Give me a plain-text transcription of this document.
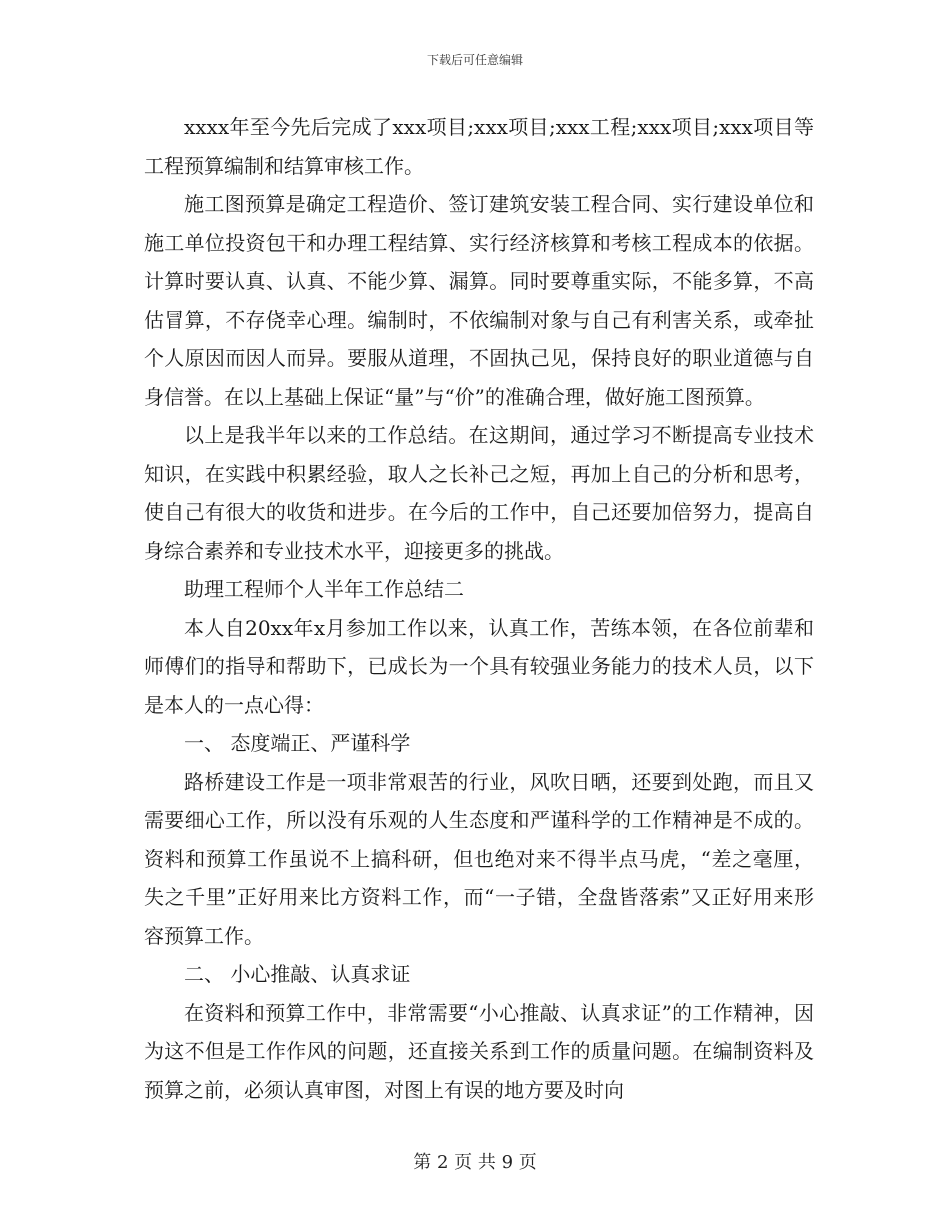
下载后可任意编辑

xxxx年至今先后完成了xxx项目;xxx项目;xxx工程;xxx项目;xxx项目等工程预算编制和结算审核工作。

施工图预算是确定工程造价、签订建筑安装工程合同、实行建设单位和施工单位投资包干和办理工程结算、实行经济核算和考核工程成本的依据。计算时要认真、认真、不能少算、漏算。同时要尊重实际，不能多算，不高估冒算，不存侥幸心理。编制时，不依编制对象与自己有利害关系，或牵扯个人原因而因人而异。要服从道理，不固执己见，保持良好的职业道德与自身信誉。在以上基础上保证“量”与“价”的准确合理，做好施工图预算。

以上是我半年以来的工作总结。在这期间，通过学习不断提高专业技术知识，在实践中积累经验，取人之长补己之短，再加上自己的分析和思考，使自己有很大的收货和进步。在今后的工作中，自己还要加倍努力，提高自身综合素养和专业技术水平，迎接更多的挑战。

助理工程师个人半年工作总结二

本人自20xx年x月参加工作以来，认真工作，苦练本领，在各位前辈和师傅们的指导和帮助下，已成长为一个具有较强业务能力的技术人员，以下是本人的一点心得：

一、 态度端正、严谨科学

路桥建设工作是一项非常艰苦的行业，风吹日晒，还要到处跑，而且又需要细心工作，所以没有乐观的人生态度和严谨科学的工作精神是不成的。资料和预算工作虽说不上搞科研，但也绝对来不得半点马虎，“差之毫厘，失之千里”正好用来比方资料工作，而“一子错，全盘皆落索”又正好用来形容预算工作。

二、 小心推敲、认真求证

在资料和预算工作中，非常需要“小心推敲、认真求证”的工作精神，因为这不但是工作作风的问题，还直接关系到工作的质量问题。在编制资料及预算之前，必须认真审图，对图上有误的地方要及时向

第 2 页 共 9 页
